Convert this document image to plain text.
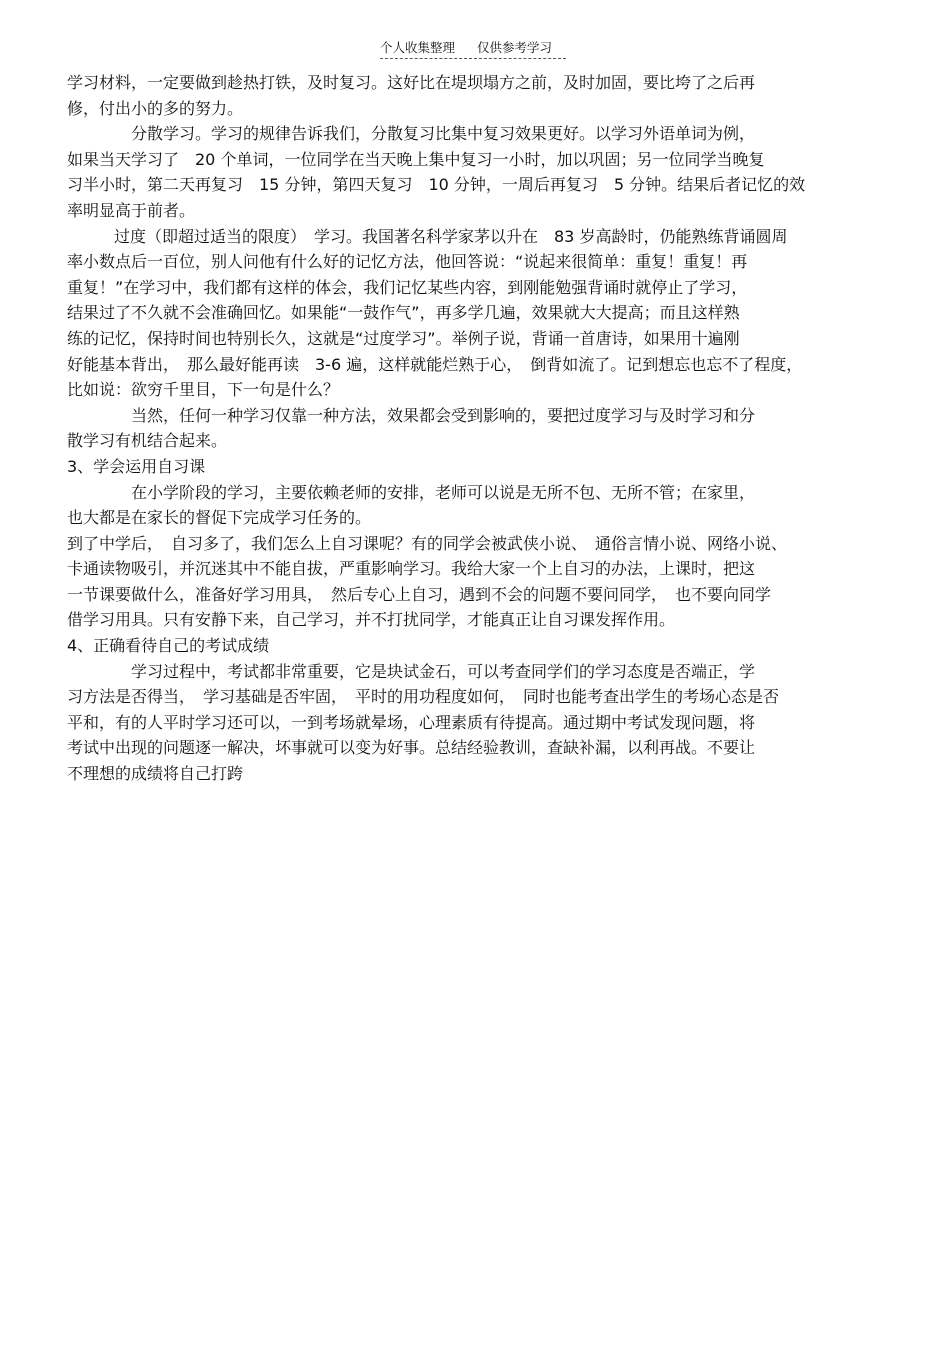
个人收集整理 仅供参考学习
学习材料，一定要做到趁热打铁，及时复习。这好比在堤坝塌方之前，及时加固，要比垮了之后再
修，付出小的多的努力。
分散学习。学习的规律告诉我们，分散复习比集中复习效果更好。以学习外语单词为例，
如果当天学习了　20 个单词，一位同学在当天晚上集中复习一小时，加以巩固；另一位同学当晚复
习半小时，第二天再复习　15 分钟，第四天复习　10 分钟，一周后再复习　5 分钟。结果后者记忆的效
率明显高于前者。
过度（即超过适当的限度）　学习。我国著名科学家茅以升在　83 岁高龄时，仍能熟练背诵圆周
率小数点后一百位，别人问他有什么好的记忆方法，他回答说：“说起来很简单：重复！重复！再
重复！”在学习中，我们都有这样的体会，我们记忆某些内容，到刚能勉强背诵时就停止了学习，
结果过了不久就不会准确回忆。如果能“一鼓作气”，再多学几遍，效果就大大提高；而且这样熟
练的记忆，保持时间也特别长久，这就是“过度学习”。举例子说，背诵一首唐诗，如果用十遍刚
好能基本背出，　那么最好能再读　3-6 遍，这样就能烂熟于心，　倒背如流了。记到想忘也忘不了程度，
比如说：欲穷千里目，下一句是什么？
当然，任何一种学习仅靠一种方法，效果都会受到影响的，要把过度学习与及时学习和分
散学习有机结合起来。
3、学会运用自习课
在小学阶段的学习，主要依赖老师的安排，老师可以说是无所不包、无所不管；在家里，
也大都是在家长的督促下完成学习任务的。
到了中学后，　自习多了，我们怎么上自习课呢？有的同学会被武侠小说、　通俗言情小说、网络小说、
卡通读物吸引，并沉迷其中不能自拔，严重影响学习。我给大家一个上自习的办法，上课时，把这
一节课要做什么，准备好学习用具，　然后专心上自习，遇到不会的问题不要问同学，　也不要向同学
借学习用具。只有安静下来，自己学习，并不打扰同学，才能真正让自习课发挥作用。
4、正确看待自己的考试成绩
学习过程中，考试都非常重要，它是块试金石，可以考查同学们的学习态度是否端正，学
习方法是否得当，　学习基础是否牢固，　平时的用功程度如何，　同时也能考查出学生的考场心态是否
平和，有的人平时学习还可以，一到考场就晕场，心理素质有待提高。通过期中考试发现问题，将
考试中出现的问题逐一解决，坏事就可以变为好事。总结经验教训，查缺补漏，以利再战。不要让
不理想的成绩将自己打跨
